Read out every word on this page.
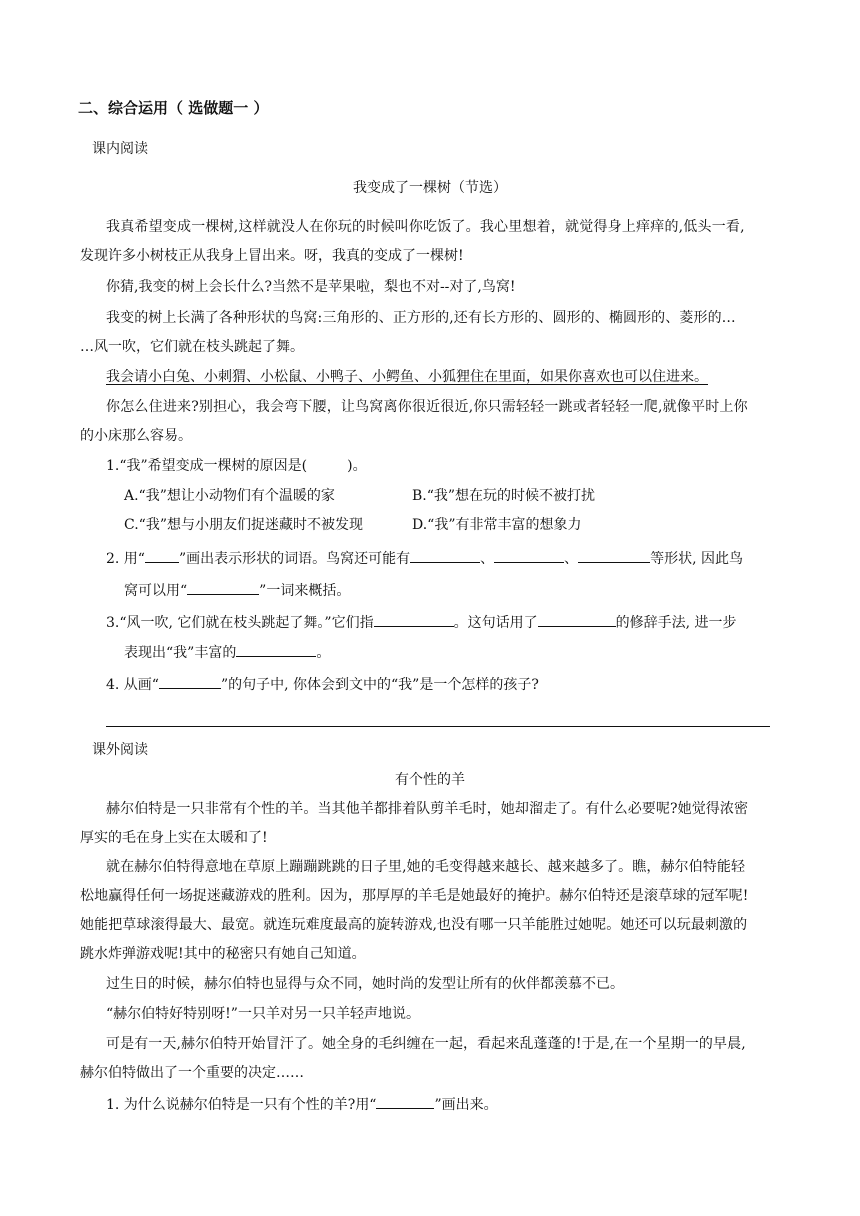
二、综合运用（ 选做题一 ）
课内阅读
我变成了一棵树（节选）
我真希望变成一棵树,这样就没人在你玩的时候叫你吃饭了。我心里想着，就觉得身上痒痒的,低头一看,
发现许多小树枝正从我身上冒出来。呀，我真的变成了一棵树!
你猜,我变的树上会长什么?当然不是苹果啦，梨也不对--对了,鸟窝!
我变的树上长满了各种形状的鸟窝:三角形的、正方形的,还有长方形的、圆形的、椭圆形的、菱形的…
…风一吹，它们就在枝头跳起了舞。
我会请小白兔、小刺猬、小松鼠、小鸭子、小鳄鱼、小狐狸住在里面，如果你喜欢也可以住进来。
你怎么住进来?别担心，我会弯下腰，让鸟窝离你很近很近,你只需轻轻一跳或者轻轻一爬,就像平时上你
的小床那么容易。
1.“我”希望变成一棵树的原因是(	)。
A.“我”想让小动物们有个温暖的家	B.“我”想在玩的时候不被打扰
C.“我”想与小朋友们捉迷藏时不被发现	D.“我”有非常丰富的想象力
2. 用“ ”画出表示形状的词语。鸟窝还可能有	、	、	等形状, 因此鸟
窝可以用“	”一词来概括。
3.“风一吹, 它们就在枝头跳起了舞。”它们指	。这句话用了	的修辞手法, 进一步
表现出“我”丰富的	。
4. 从画“	”的句子中, 你体会到文中的“我”是一个怎样的孩子?
课外阅读
有个性的羊
赫尔伯特是一只非常有个性的羊。当其他羊都排着队剪羊毛时，她却溜走了。有什么必要呢?她觉得浓密
厚实的毛在身上实在太暖和了!
就在赫尔伯特得意地在草原上蹦蹦跳跳的日子里,她的毛变得越来越长、越来越多了。瞧，赫尔伯特能轻
松地赢得任何一场捉迷藏游戏的胜利。因为，那厚厚的羊毛是她最好的掩护。赫尔伯特还是滚草球的冠军呢!
她能把草球滚得最大、最宽。就连玩难度最高的旋转游戏,也没有哪一只羊能胜过她呢。她还可以玩最刺激的
跳水炸弹游戏呢!其中的秘密只有她自己知道。
过生日的时候，赫尔伯特也显得与众不同，她时尚的发型让所有的伙伴都羡慕不已。
“赫尔伯特好特别呀!”一只羊对另一只羊轻声地说。
可是有一天,赫尔伯特开始冒汗了。她全身的毛纠缠在一起，看起来乱蓬蓬的!于是,在一个星期一的早晨,
赫尔伯特做出了一个重要的决定……
1. 为什么说赫尔伯特是一只有个性的羊?用“	”画出来。
